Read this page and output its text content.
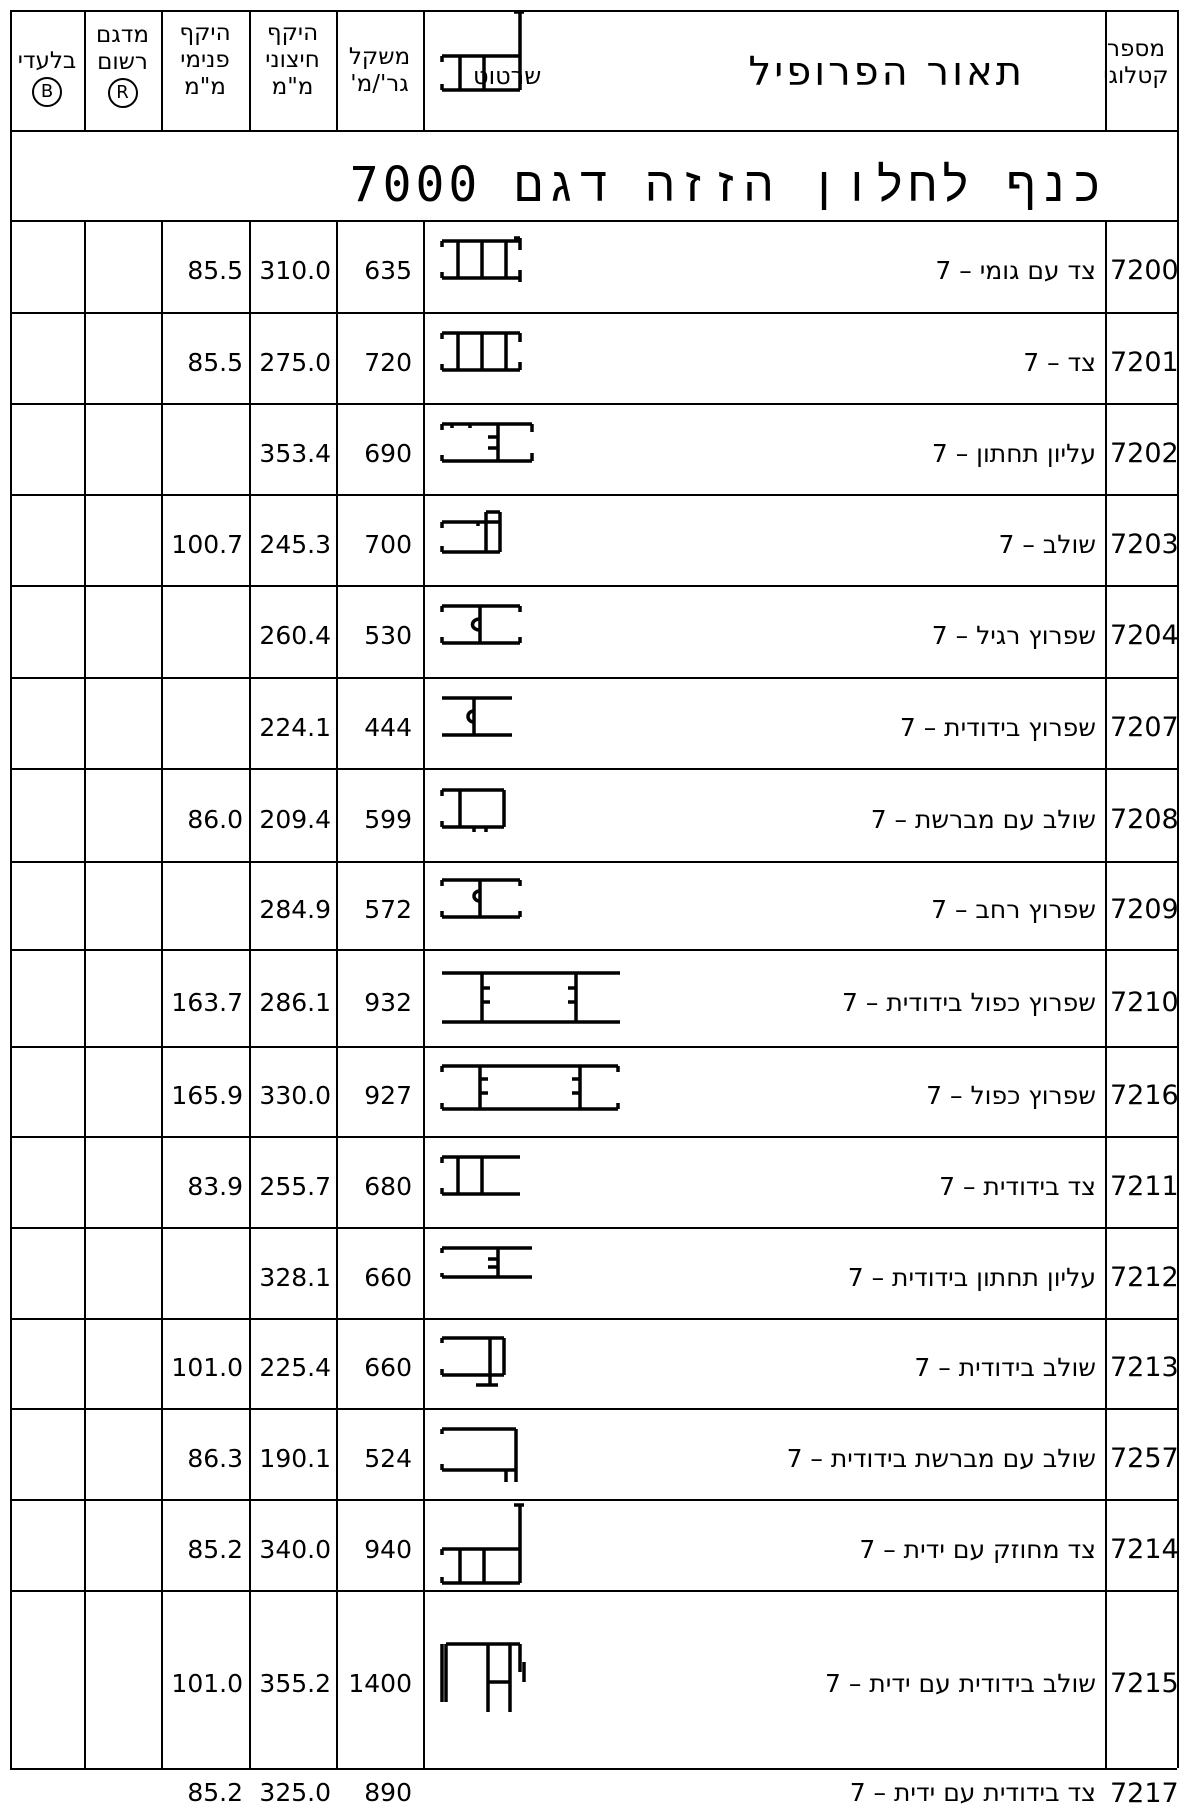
מספר
קטלוגי
תאור הפרופיל
שרטוט
משקל
גר'/מ'
היקף
חיצוני
מ"מ
היקף
פנימי
מ"מ
מדגם
רשום
R
בלעדי
B
כנף לחלון הזזה דגם 7000
7200
צד עם גומי – 7
635
310.0
85.5
7201
צד – 7
720
275.0
85.5
7202
עליון תחתון – 7
690
353.4
7203
שולב – 7
700
245.3
100.7
7204
שפרוץ רגיל – 7
530
260.4
7207
שפרוץ בידודית – 7
444
224.1
7208
שולב עם מברשת – 7
599
209.4
86.0
7209
שפרוץ רחב – 7
572
284.9
7210
שפרוץ כפול בידודית – 7
932
286.1
163.7
7216
שפרוץ כפול – 7
927
330.0
165.9
7211
צד בידודית – 7
680
255.7
83.9
7212
עליון תחתון בידודית – 7
660
328.1
7213
שולב בידודית – 7
660
225.4
101.0
7257
שולב עם מברשת בידודית – 7
524
190.1
86.3
7214
צד מחוזק עם ידית – 7
940
340.0
85.2
7215
שולב בידודית עם ידית – 7
1400
355.2
101.0
7217
צד בידודית עם ידית – 7
890
325.0
85.2
